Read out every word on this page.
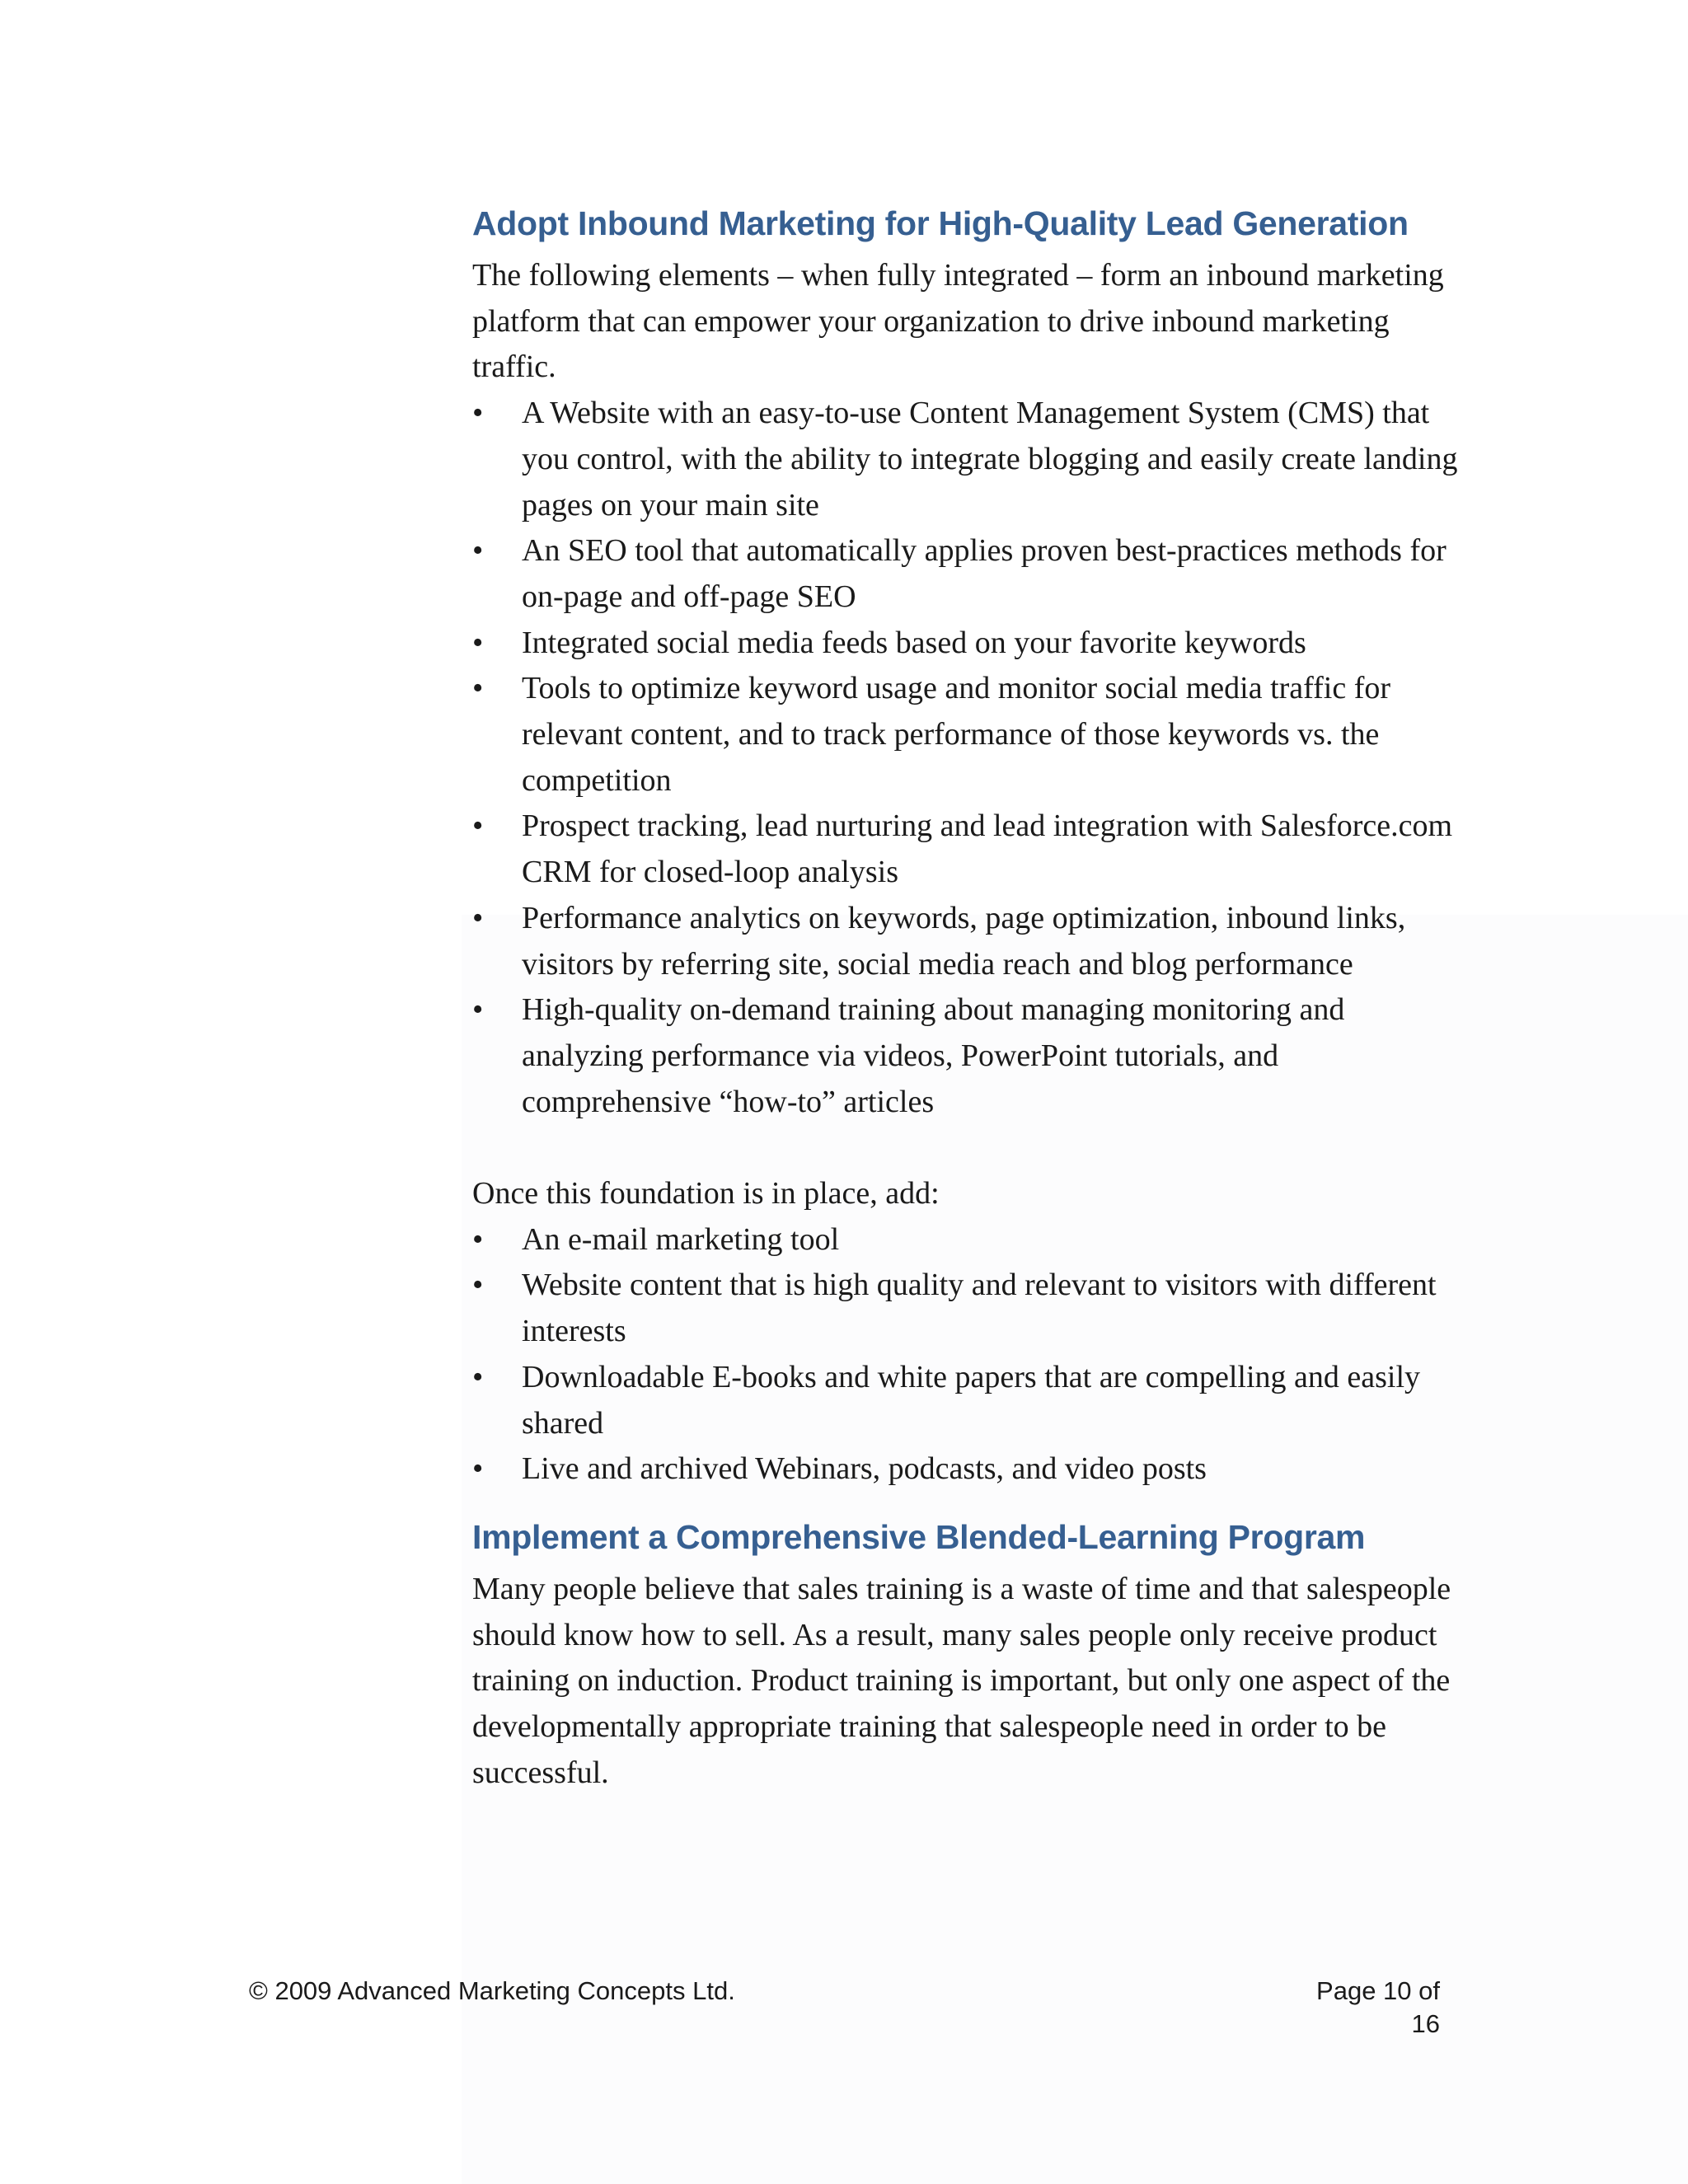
Adopt Inbound Marketing for High-Quality Lead Generation

The following elements – when fully integrated – form an inbound marketing platform that can empower your organization to drive inbound marketing traffic.

• A Website with an easy-to-use Content Management System (CMS) that you control, with the ability to integrate blogging and easily create landing pages on your main site
• An SEO tool that automatically applies proven best-practices methods for on-page and off-page SEO
• Integrated social media feeds based on your favorite keywords
• Tools to optimize keyword usage and monitor social media traffic for relevant content, and to track performance of those keywords vs. the competition
• Prospect tracking, lead nurturing and lead integration with Salesforce.com CRM for closed-loop analysis
• Performance analytics on keywords, page optimization, inbound links, visitors by referring site, social media reach and blog performance
• High-quality on-demand training about managing monitoring and analyzing performance via videos, PowerPoint tutorials, and comprehensive “how-to” articles

Once this foundation is in place, add:

• An e-mail marketing tool
• Website content that is high quality and relevant to visitors with different interests
• Downloadable E-books and white papers that are compelling and easily shared
• Live and archived Webinars, podcasts, and video posts
Implement a Comprehensive Blended-Learning Program

Many people believe that sales training is a waste of time and that salespeople should know how to sell. As a result, many sales people only receive product training on induction. Product training is important, but only one aspect of the developmentally appropriate training that salespeople need in order to be successful.

© 2009 Advanced Marketing Concepts Ltd.	Page 10 of 16
